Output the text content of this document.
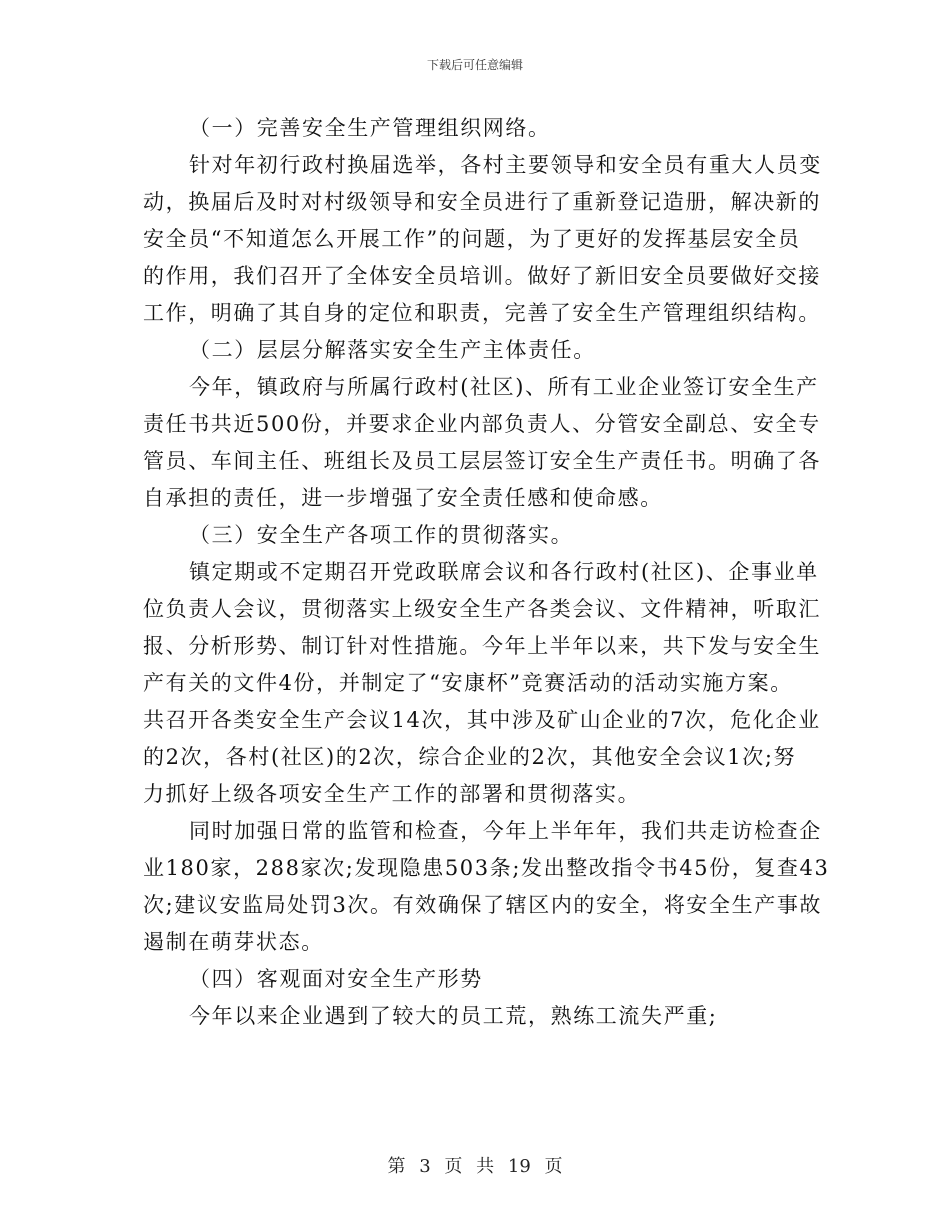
下载后可任意编辑
（一）完善安全生产管理组织网络。
针对年初行政村换届选举，各村主要领导和安全员有重大人员变
动，换届后及时对村级领导和安全员进行了重新登记造册，解决新的
安全员“不知道怎么开展工作”的问题，为了更好的发挥基层安全员
的作用，我们召开了全体安全员培训。做好了新旧安全员要做好交接
工作，明确了其自身的定位和职责，完善了安全生产管理组织结构。
（二）层层分解落实安全生产主体责任。
今年，镇政府与所属行政村(社区)、所有工业企业签订安全生产
责任书共近500份，并要求企业内部负责人、分管安全副总、安全专
管员、车间主任、班组长及员工层层签订安全生产责任书。明确了各
自承担的责任，进一步增强了安全责任感和使命感。
（三）安全生产各项工作的贯彻落实。
镇定期或不定期召开党政联席会议和各行政村(社区)、企事业单
位负责人会议，贯彻落实上级安全生产各类会议、文件精神，听取汇
报、分析形势、制订针对性措施。今年上半年以来，共下发与安全生
产有关的文件4份，并制定了“安康杯”竞赛活动的活动实施方案。
共召开各类安全生产会议14次，其中涉及矿山企业的7次，危化企业
的2次，各村(社区)的2次，综合企业的2次，其他安全会议1次;努
力抓好上级各项安全生产工作的部署和贯彻落实。
同时加强日常的监管和检查，今年上半年年，我们共走访检查企
业180家，288家次;发现隐患503条;发出整改指令书45份，复查43
次;建议安监局处罚3次。有效确保了辖区内的安全，将安全生产事故
遏制在萌芽状态。
（四）客观面对安全生产形势
今年以来企业遇到了较大的员工荒，熟练工流失严重;
第 3 页 共 19 页
